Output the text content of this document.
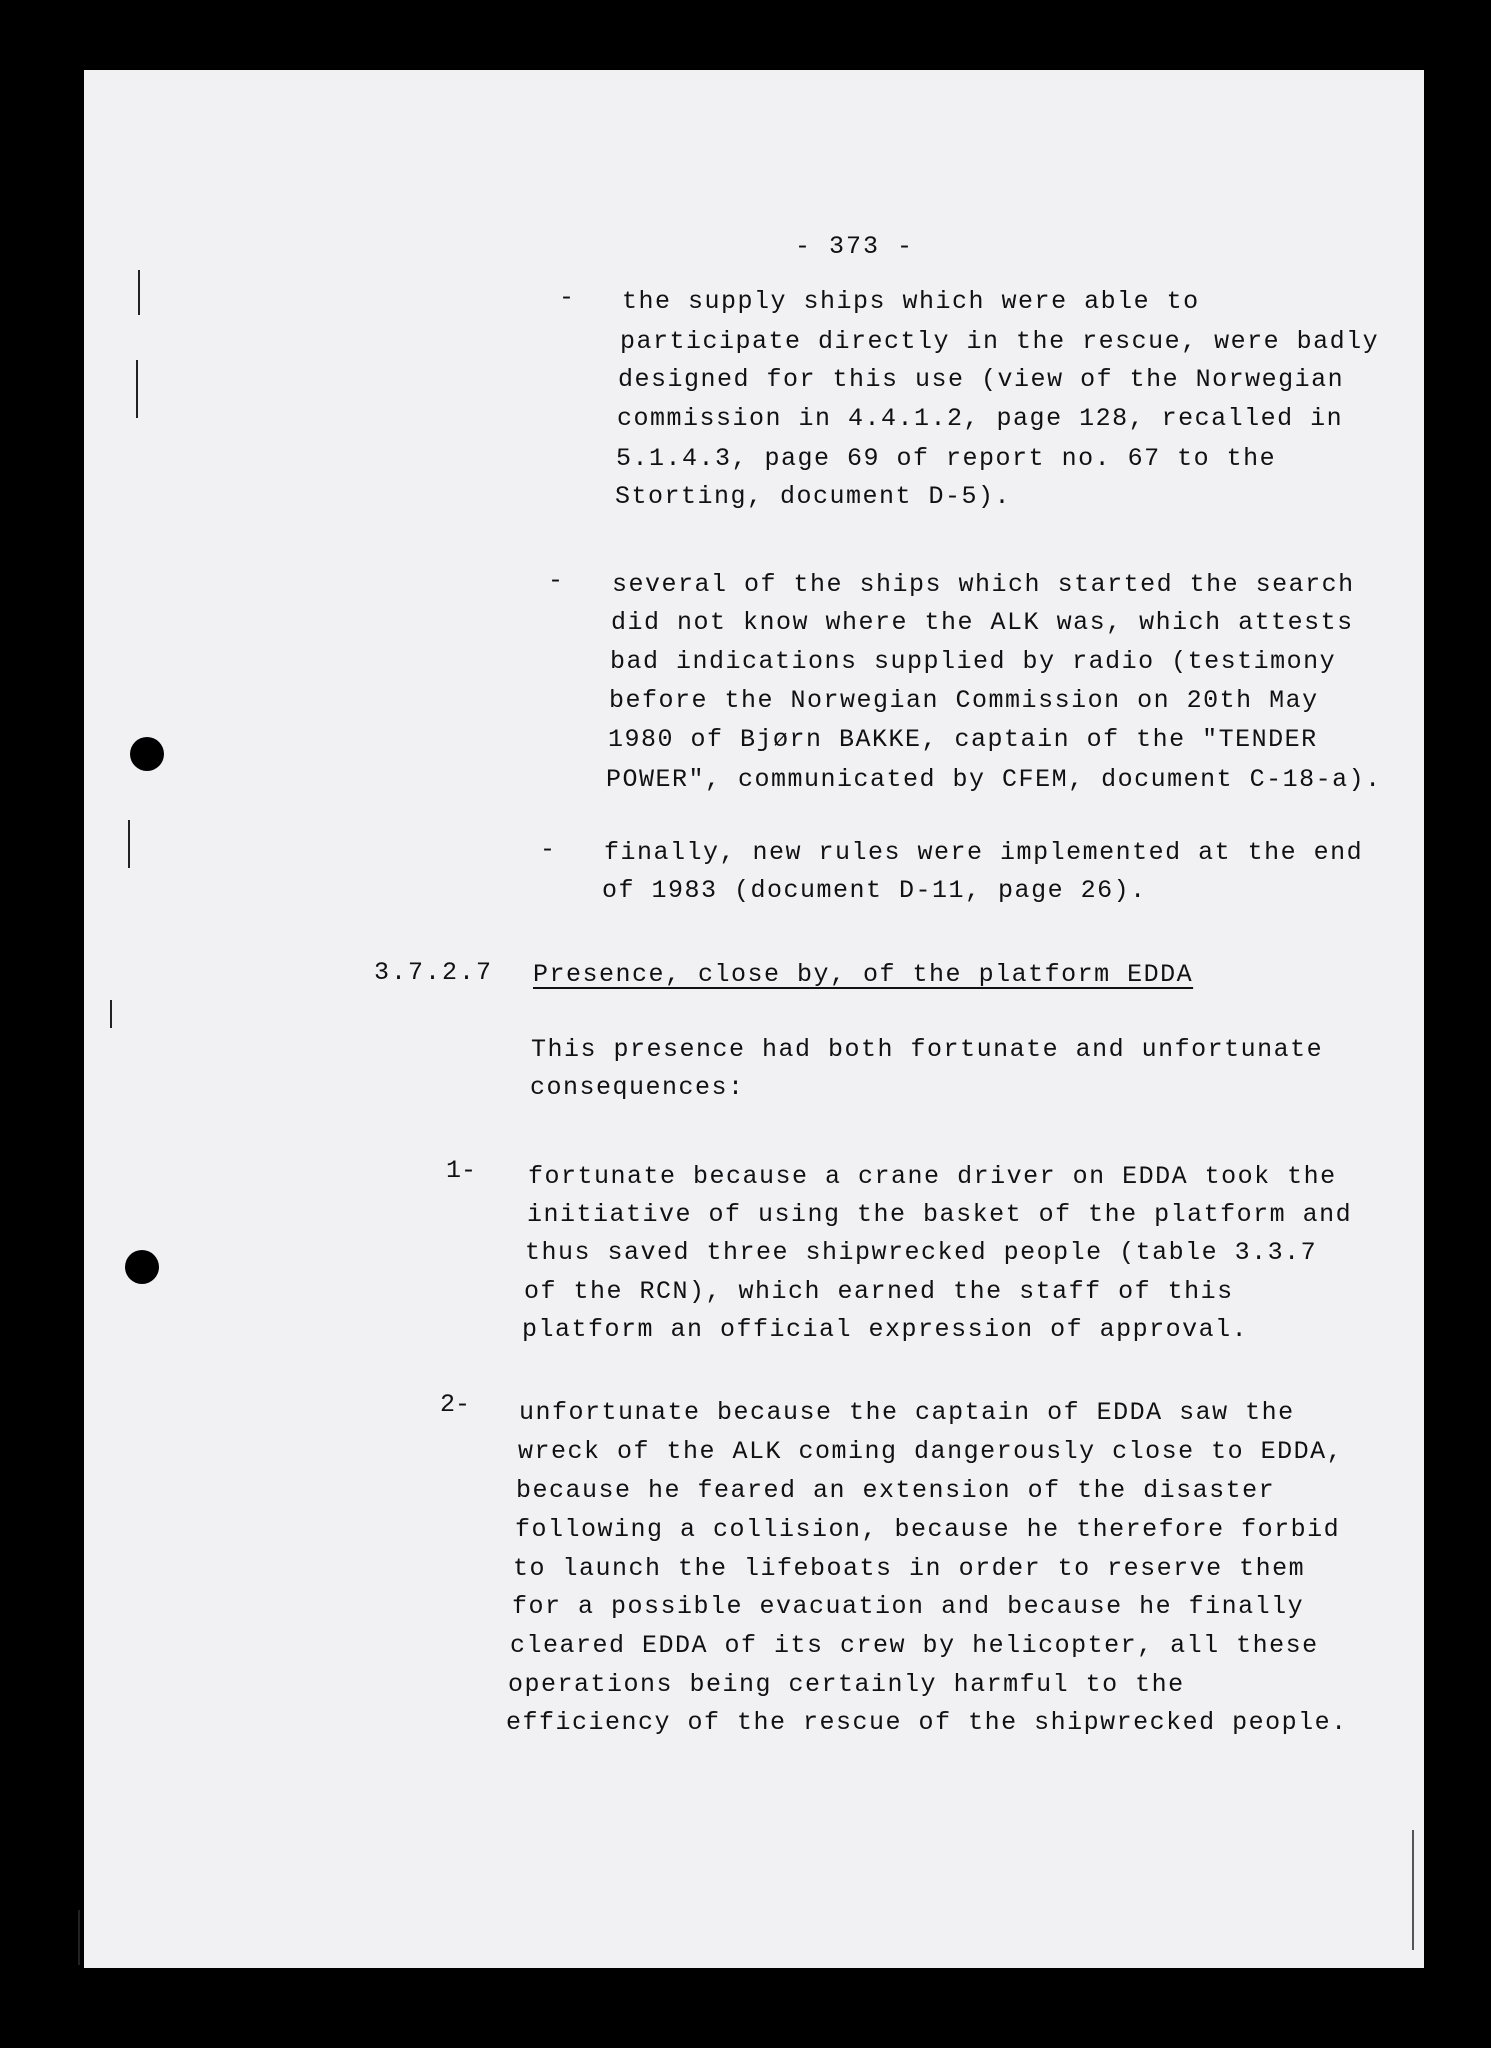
- 373 -
- the supply ships which were able to
participate directly in the rescue, were badly
designed for this use (view of the Norwegian
commission in 4.4.1.2, page 128, recalled in
5.1.4.3, page 69 of report no. 67 to the
Storting, document D-5).
- several of the ships which started the search
did not know where the ALK was, which attests
bad indications supplied by radio (testimony
before the Norwegian Commission on 20th May
1980 of Bjørn BAKKE, captain of the "TENDER
POWER", communicated by CFEM, document C-18-a).
- finally, new rules were implemented at the end
of 1983 (document D-11, page 26).
3.7.2.7 Presence, close by, of the platform EDDA
This presence had both fortunate and unfortunate
consequences:
1- fortunate because a crane driver on EDDA took the
initiative of using the basket of the platform and
thus saved three shipwrecked people (table 3.3.7
of the RCN), which earned the staff of this
platform an official expression of approval.
2- unfortunate because the captain of EDDA saw the
wreck of the ALK coming dangerously close to EDDA,
because he feared an extension of the disaster
following a collision, because he therefore forbid
to launch the lifeboats in order to reserve them
for a possible evacuation and because he finally
cleared EDDA of its crew by helicopter, all these
operations being certainly harmful to the
efficiency of the rescue of the shipwrecked people.
